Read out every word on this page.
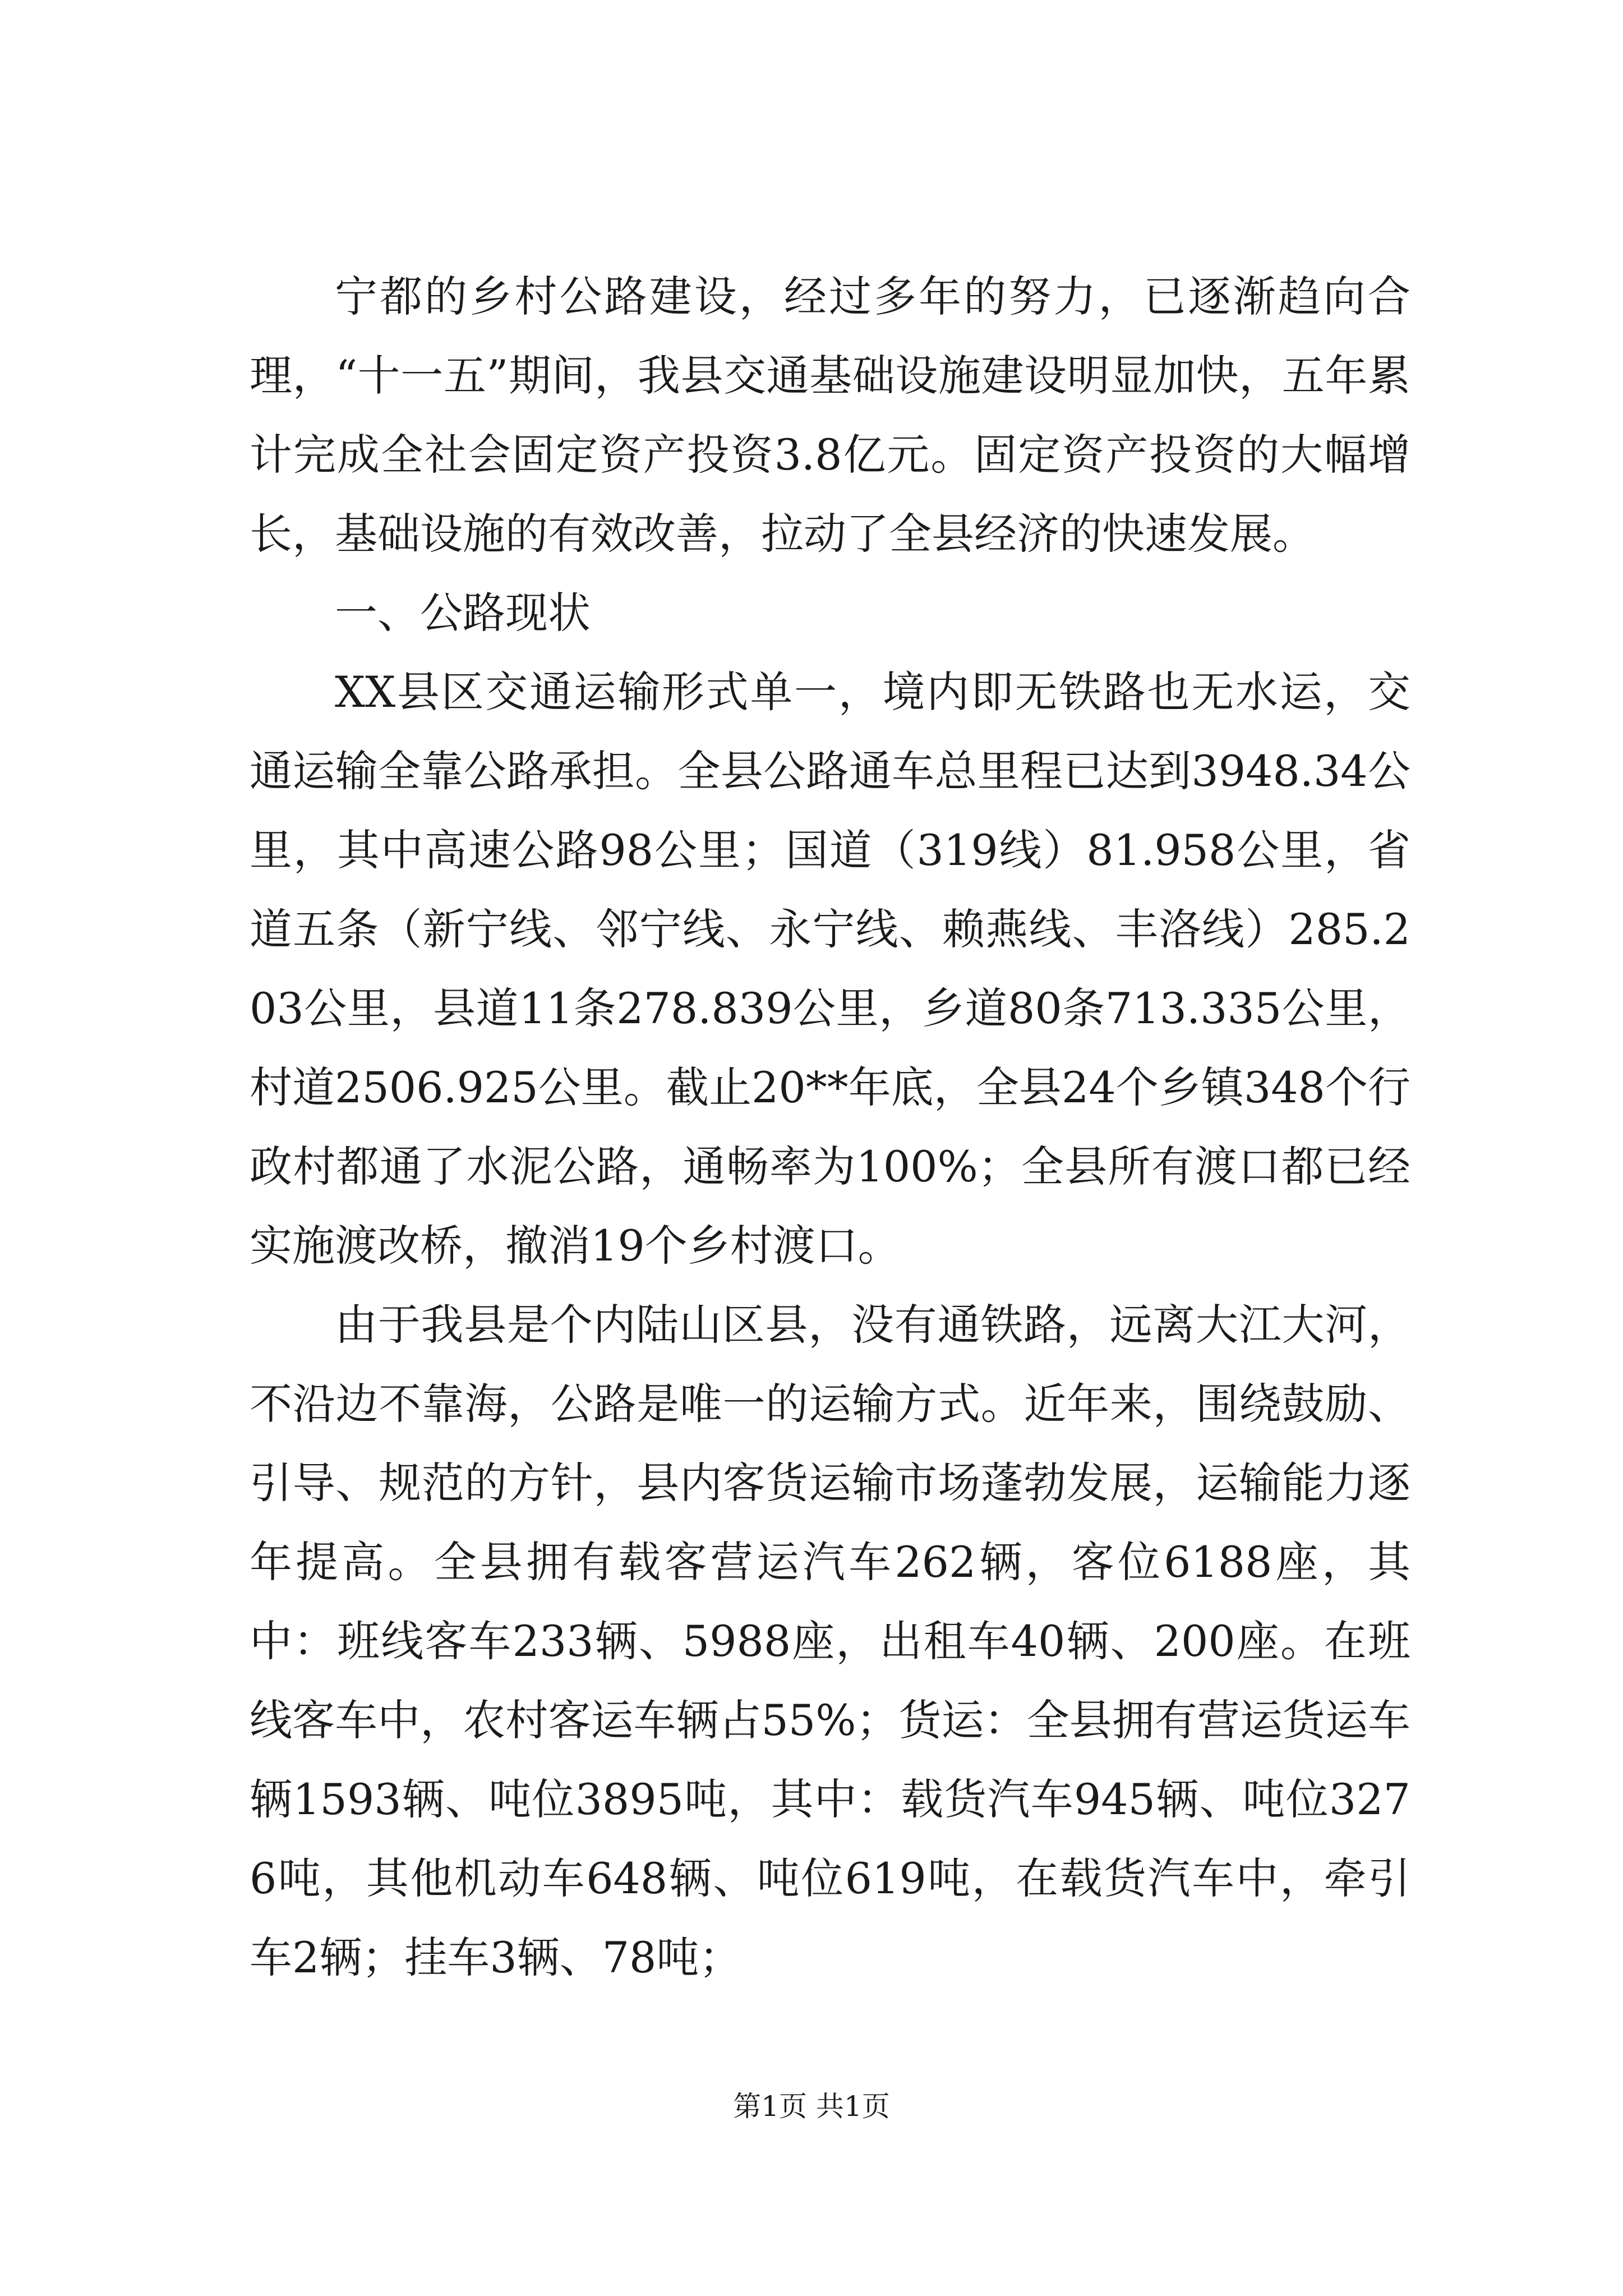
宁都的乡村公路建设，经过多年的努力，已逐渐趋向合理，“十一五”期间，我县交通基础设施建设明显加快，五年累计完成全社会固定资产投资3.8亿元。固定资产投资的大幅增长，基础设施的有效改善，拉动了全县经济的快速发展。

一、公路现状

XX县区交通运输形式单一，境内即无铁路也无水运，交通运输全靠公路承担。全县公路通车总里程已达到3948.34公里，其中高速公路98公里；国道（319线）81.958公里，省道五条（新宁线、邻宁线、永宁线、赖燕线、丰洛线）285.203公里，县道11条278.839公里，乡道80条713.335公里，村道2506.925公里。截止20**年底，全县24个乡镇348个行政村都通了水泥公路，通畅率为100%；全县所有渡口都已经实施渡改桥，撤消19个乡村渡口。

由于我县是个内陆山区县，没有通铁路，远离大江大河，不沿边不靠海，公路是唯一的运输方式。近年来，围绕鼓励、引导、规范的方针，县内客货运输市场蓬勃发展，运输能力逐年提高。全县拥有载客营运汽车262辆，客位6188座，其中：班线客车233辆、5988座，出租车40辆、200座。在班线客车中，农村客运车辆占55%；货运：全县拥有营运货运车辆1593辆、吨位3895吨，其中：载货汽车945辆、吨位3276吨，其他机动车648辆、吨位619吨，在载货汽车中，牵引车2辆；挂车3辆、78吨；

第1页 共1页
